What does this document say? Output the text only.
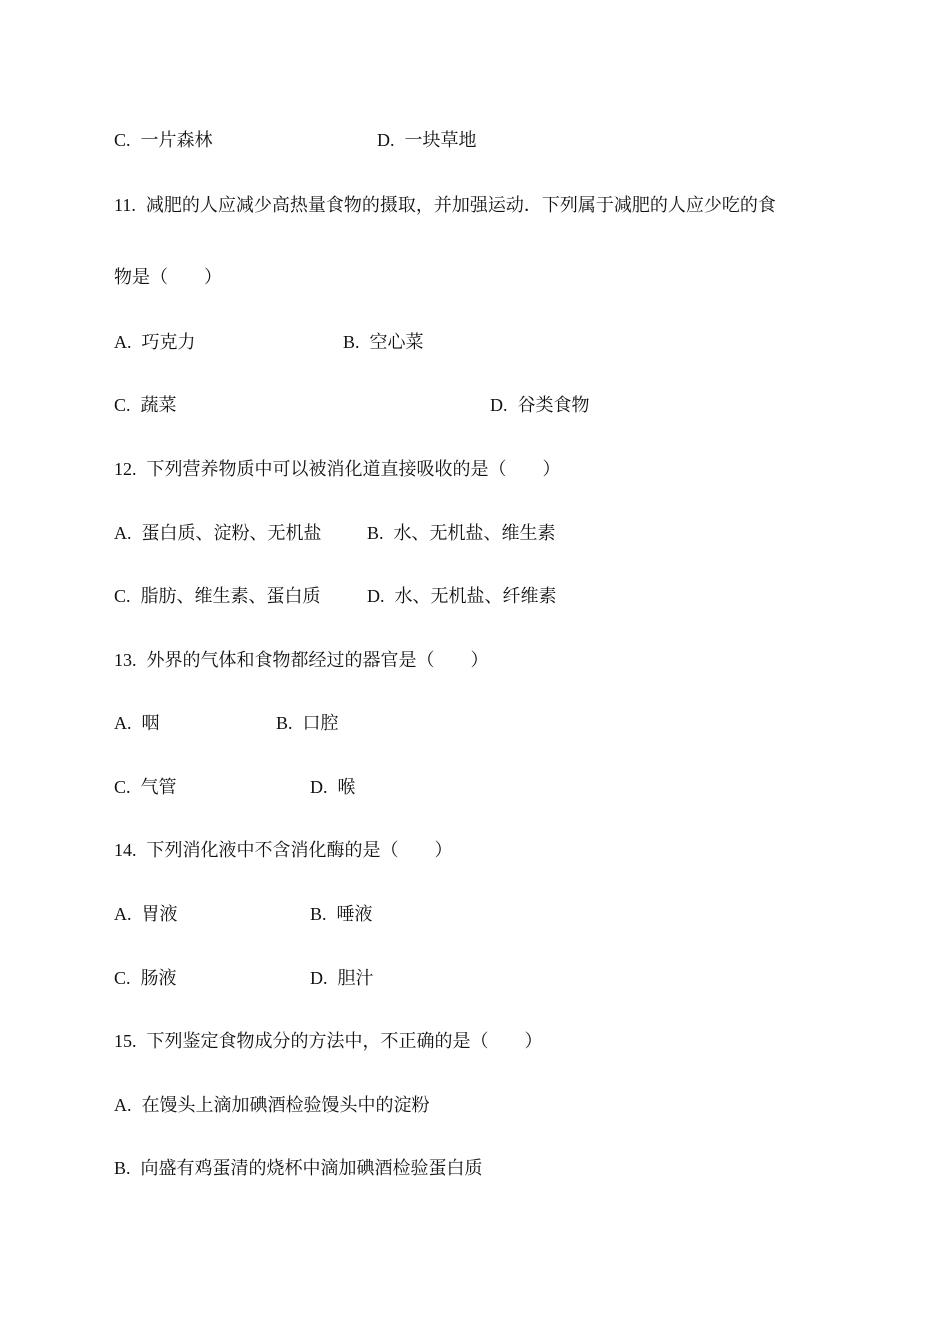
C. 一片森林	D. 一块草地
11. 减肥的人应减少高热量食物的摄取，并加强运动．下列属于减肥的人应少吃的食
物是（　　）
A. 巧克力	B. 空心菜
C. 蔬菜	D. 谷类食物
12. 下列营养物质中可以被消化道直接吸收的是（　　）
A. 蛋白质、淀粉、无机盐	B. 水、无机盐、维生素
C. 脂肪、维生素、蛋白质	D. 水、无机盐、纤维素
13. 外界的气体和食物都经过的器官是（　　）
A. 咽	B. 口腔
C. 气管	D. 喉
14. 下列消化液中不含消化酶的是（　　）
A. 胃液	B. 唾液
C. 肠液	D. 胆汁
15. 下列鉴定食物成分的方法中，不正确的是（　　）
A. 在馒头上滴加碘酒检验馒头中的淀粉
B. 向盛有鸡蛋清的烧杯中滴加碘酒检验蛋白质
